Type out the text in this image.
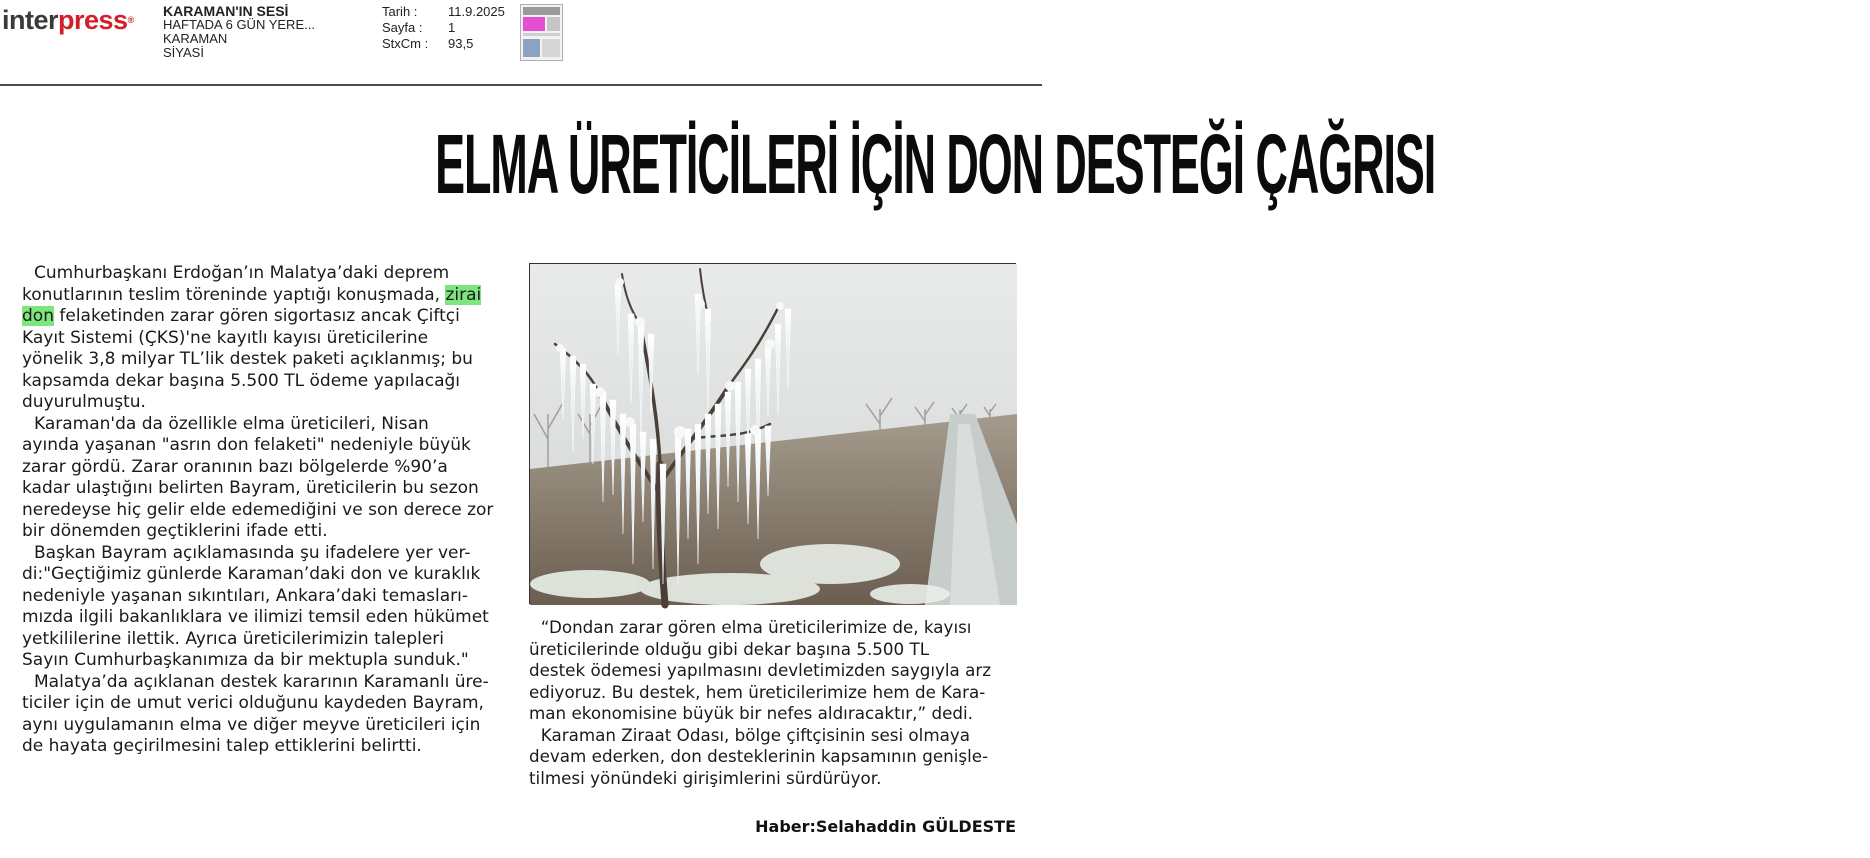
interpress®
KARAMAN'IN SESİ
HAFTADA 6 GÜN YERE...
KARAMAN
SİYASİ
Tarih :	11.9.2025
Sayfa :	1
StxCm :	93,5
ELMA ÜRETİCİLERİ İÇİN DON DESTEĞİ ÇAĞRISI
Cumhurbaşkanı Erdoğan’ın Malatya’daki deprem
konutlarının teslim töreninde yaptığı konuşmada, zirai
don felaketinden zarar gören sigortasız ancak Çiftçi
Kayıt Sistemi (ÇKS)'ne kayıtlı kayısı üreticilerine
yönelik 3,8 milyar TL’lik destek paketi açıklanmış; bu
kapsamda dekar başına 5.500 TL ödeme yapılacağı
duyurulmuştu.
Karaman'da da özellikle elma üreticileri, Nisan
ayında yaşanan "asrın don felaketi" nedeniyle büyük
zarar gördü. Zarar oranının bazı bölgelerde %90’a
kadar ulaştığını belirten Bayram, üreticilerin bu sezon
neredeyse hiç gelir elde edemediğini ve son derece zor
bir dönemden geçtiklerini ifade etti.
Başkan Bayram açıklamasında şu ifadelere yer ver-
di:"Geçtiğimiz günlerde Karaman’daki don ve kuraklık
nedeniyle yaşanan sıkıntıları, Ankara’daki temasları-
mızda ilgili bakanlıklara ve ilimizi temsil eden hükümet
yetkililerine ilettik. Ayrıca üreticilerimizin talepleri
Sayın Cumhurbaşkanımıza da bir mektupla sunduk."
Malatya’da açıklanan destek kararının Karamanlı üre-
ticiler için de umut verici olduğunu kaydeden Bayram,
aynı uygulamanın elma ve diğer meyve üreticileri için
de hayata geçirilmesini talep ettiklerini belirtti.
“Dondan zarar gören elma üreticilerimize de, kayısı
üreticilerinde olduğu gibi dekar başına 5.500 TL
destek ödemesi yapılmasını devletimizden saygıyla arz
ediyoruz. Bu destek, hem üreticilerimize hem de Kara-
man ekonomisine büyük bir nefes aldıracaktır,” dedi.
Karaman Ziraat Odası, bölge çiftçisinin sesi olmaya
devam ederken, don desteklerinin kapsamının genişle-
tilmesi yönündeki girişimlerini sürdürüyor.
Haber:Selahaddin GÜLDESTE
